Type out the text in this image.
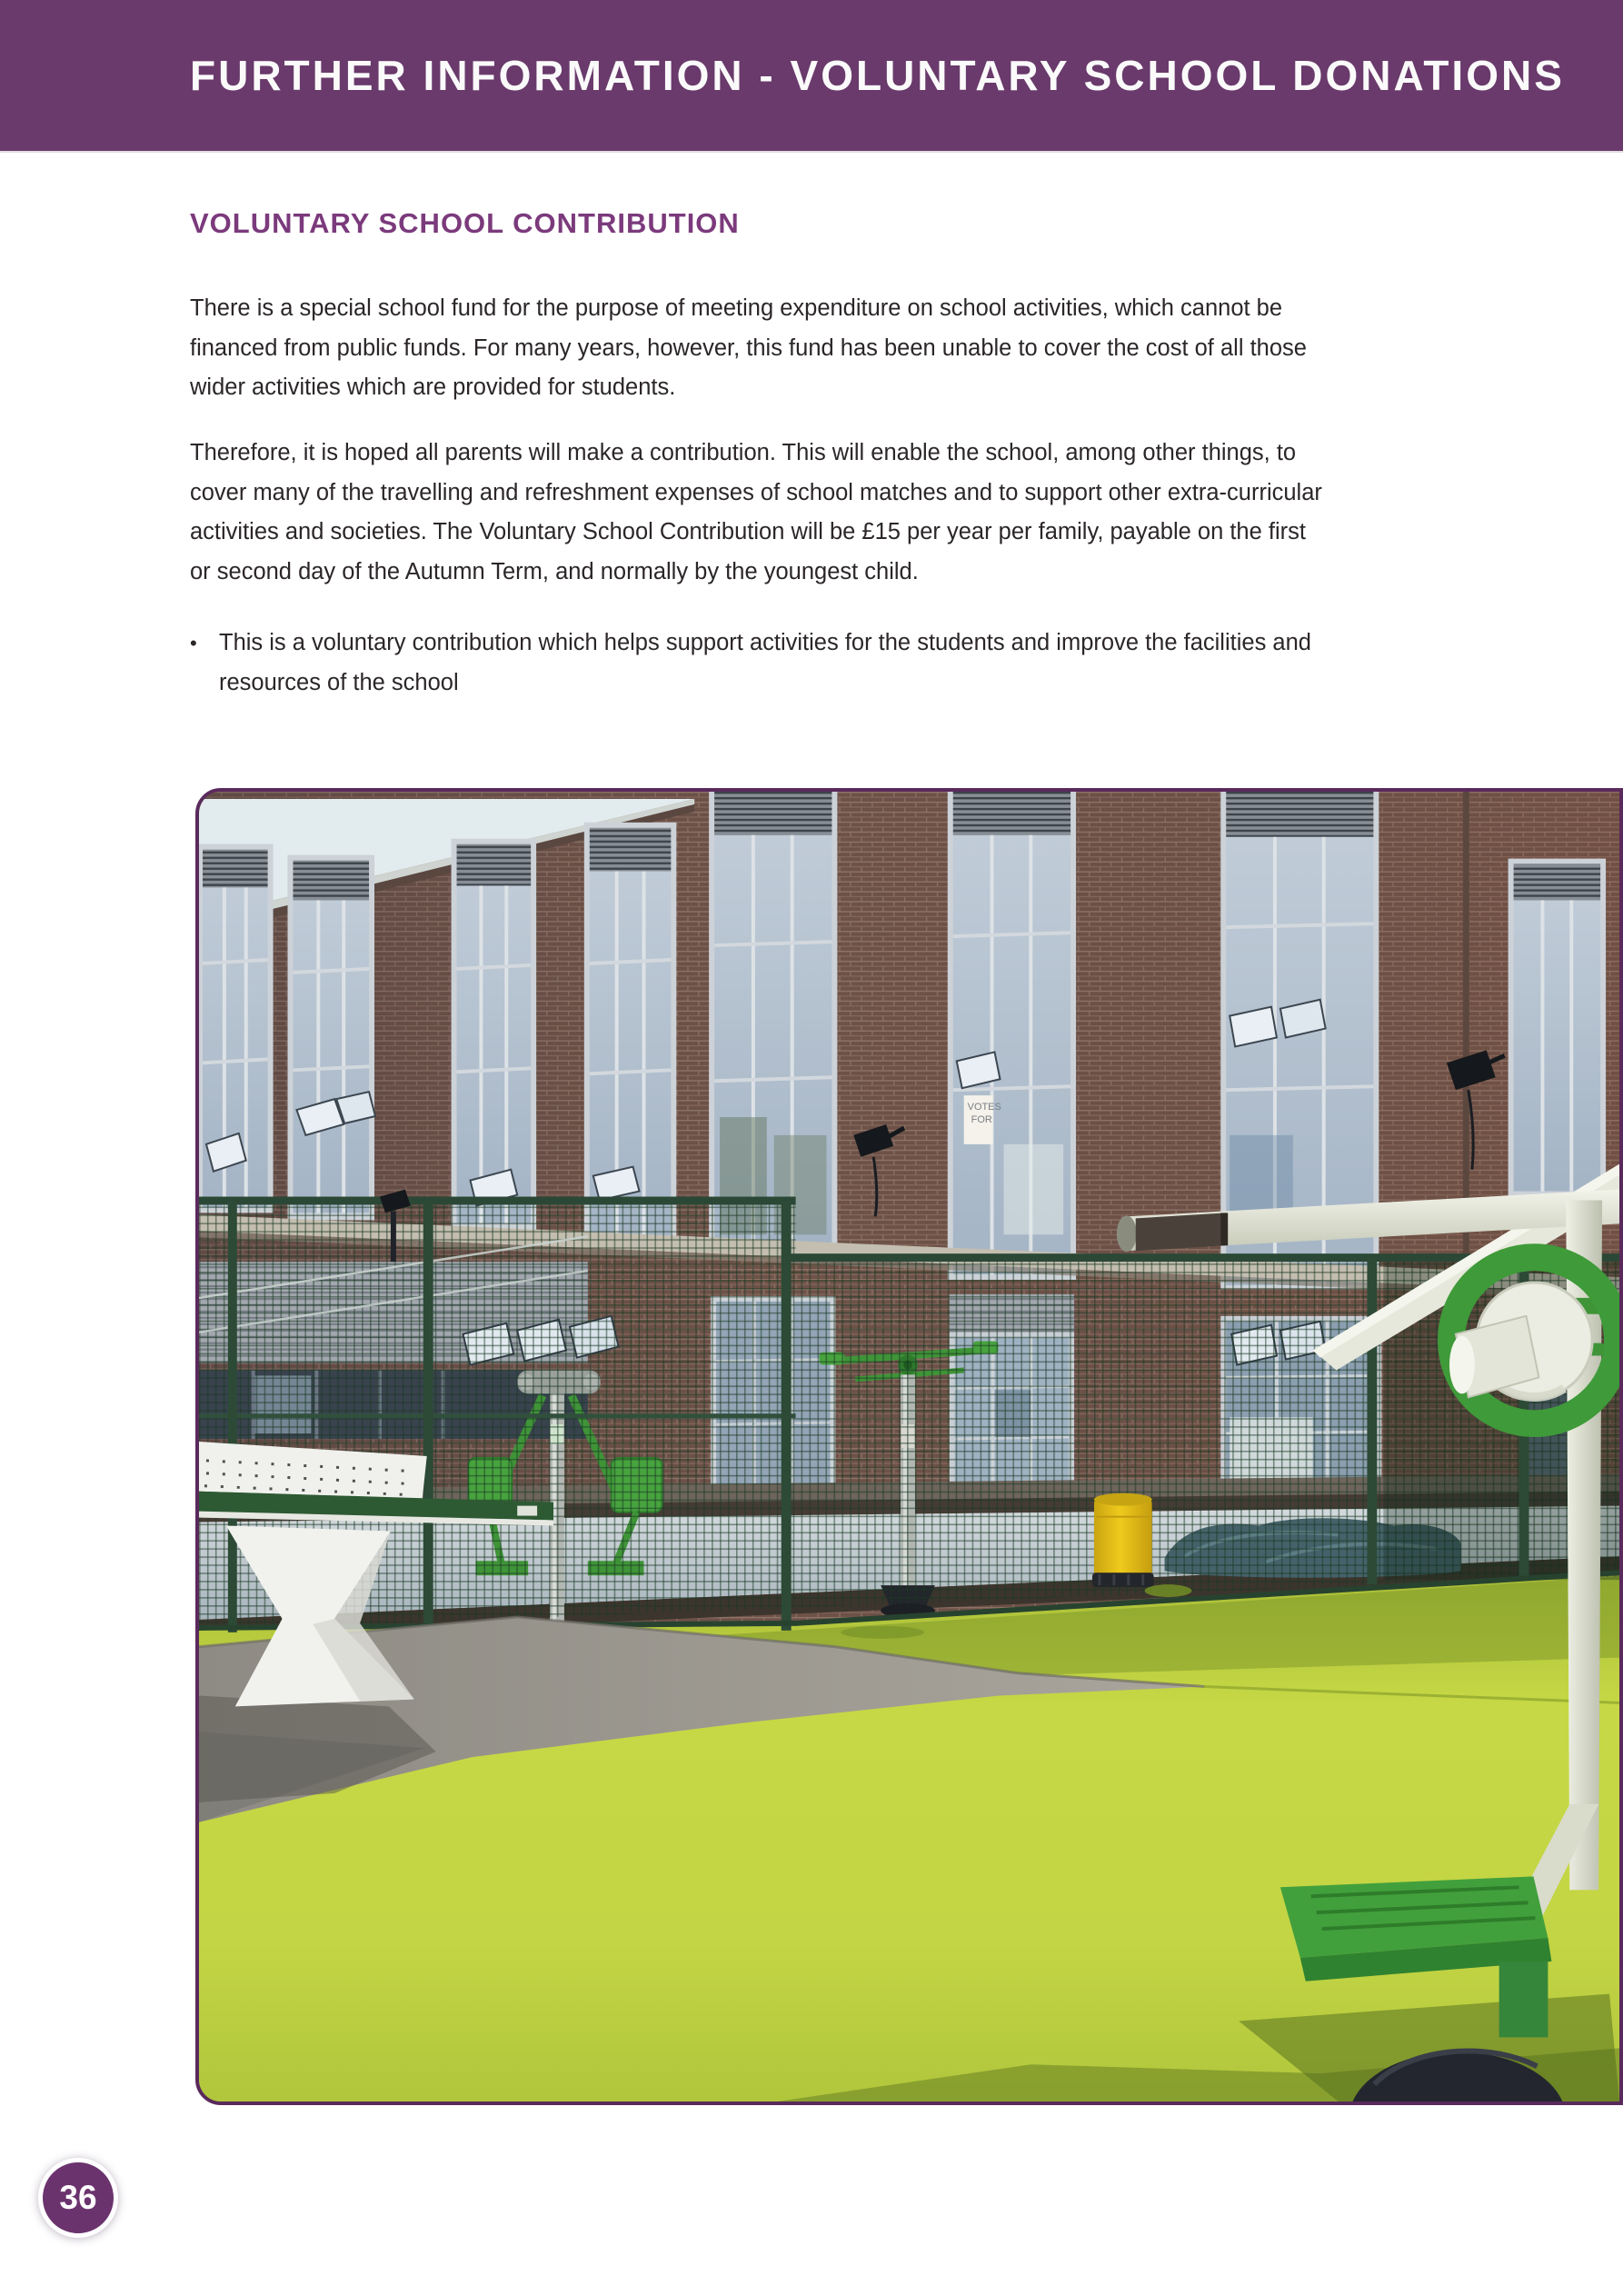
FURTHER INFORMATION - VOLUNTARY SCHOOL DONATIONS
VOLUNTARY SCHOOL CONTRIBUTION
There is a special school fund for the purpose of meeting expenditure on school activities, which cannot be
financed from public funds. For many years, however, this fund has been unable to cover the cost of all those
wider activities which are provided for students.
Therefore, it is hoped all parents will make a contribution. This will enable the school, among other things, to
cover many of the travelling and refreshment expenses of school matches and to support other extra-curricular
activities and societies. The Voluntary School Contribution will be £15 per year per family, payable on the first
or second day of the Autumn Term, and normally by the youngest child.
• This is a voluntary contribution which helps support activities for the students and improve the facilities and
resources of the school
VOTES
FOR
36
